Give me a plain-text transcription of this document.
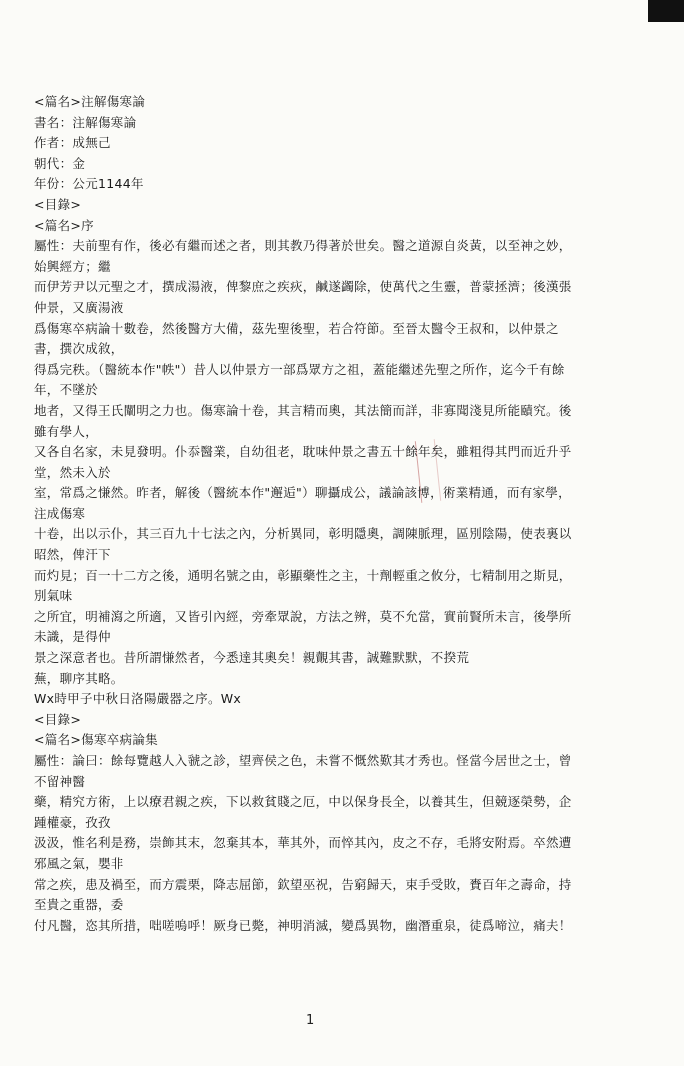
<篇名>注解傷寒論
書名：注解傷寒論
作者：成無己
朝代：金
年份：公元1144年
<目錄>
<篇名>序
屬性：夫前聖有作，後必有繼而述之者，則其教乃得著於世矣。醫之道源自炎黃，以至神之妙，
始興經方；繼
而伊芳尹以元聖之才，撰成湯液，俾黎庶之疾疢，鹹遂蠲除，使萬代之生靈，普蒙拯濟；後漢張
仲景，又廣湯液
爲傷寒卒病論十數卷，然後醫方大備，茲先聖後聖，若合符節。至晉太醫令王叔和，以仲景之
書，撰次成敘，
得爲完秩。（醫統本作"帙"）昔人以仲景方一部爲眾方之祖，蓋能繼述先聖之所作，迄今千有餘
年，不墜於
地者，又得王氏闡明之力也。傷寒論十卷，其言精而奧，其法簡而詳，非寡聞淺見所能賾究。後
雖有學人，
又各自名家，未見發明。仆忝醫業，自幼徂老，耽味仲景之書五十餘年矣，雖粗得其門而近升乎
堂，然未入於
室，常爲之慊然。昨者，解後（醫統本作"邂逅"）聊攝成公，議論該博，術業精通，而有家學，
注成傷寒
十卷，出以示仆，其三百九十七法之內，分析異同，彰明隱奧，調陳脈理，區別陰陽，使表裏以
昭然，俾汗下
而灼見；百一十二方之後，通明名號之由，彰顯藥性之主，十劑輕重之攸分，七精制用之斯見，
別氣味
之所宜，明補瀉之所適，又皆引內經，旁牽眾說，方法之辨，莫不允當，實前賢所未言，後學所
未識，是得仲
景之深意者也。昔所謂慊然者，今悉達其奧矣！親覿其書，誠難默默，不揆荒
蕪，聊序其略。
Wx時甲子中秋日洛陽嚴器之序。Wx
<目錄>
<篇名>傷寒卒病論集
屬性：論曰：餘每覽越人入虢之診，望齊侯之色，未嘗不慨然歎其才秀也。怪當今居世之士，曾
不留神醫
藥，精究方術，上以療君親之疾，下以救貧賤之厄，中以保身長全，以養其生，但競逐榮勢，企
踵權豪，孜孜
汲汲，惟名利是務，崇飾其末，忽棄其本，華其外，而悴其內，皮之不存，毛將安附焉。卒然遭
邪風之氣，嬰非
常之疾，患及禍至，而方震栗，降志屈節，欽望巫祝，告窮歸天，束手受敗，賚百年之壽命，持
至貴之重器，委
付凡醫，恣其所措，咄嗟嗚呼！厥身已斃，神明消滅，變爲異物，幽潛重泉，徒爲啼泣，痛夫！
1
